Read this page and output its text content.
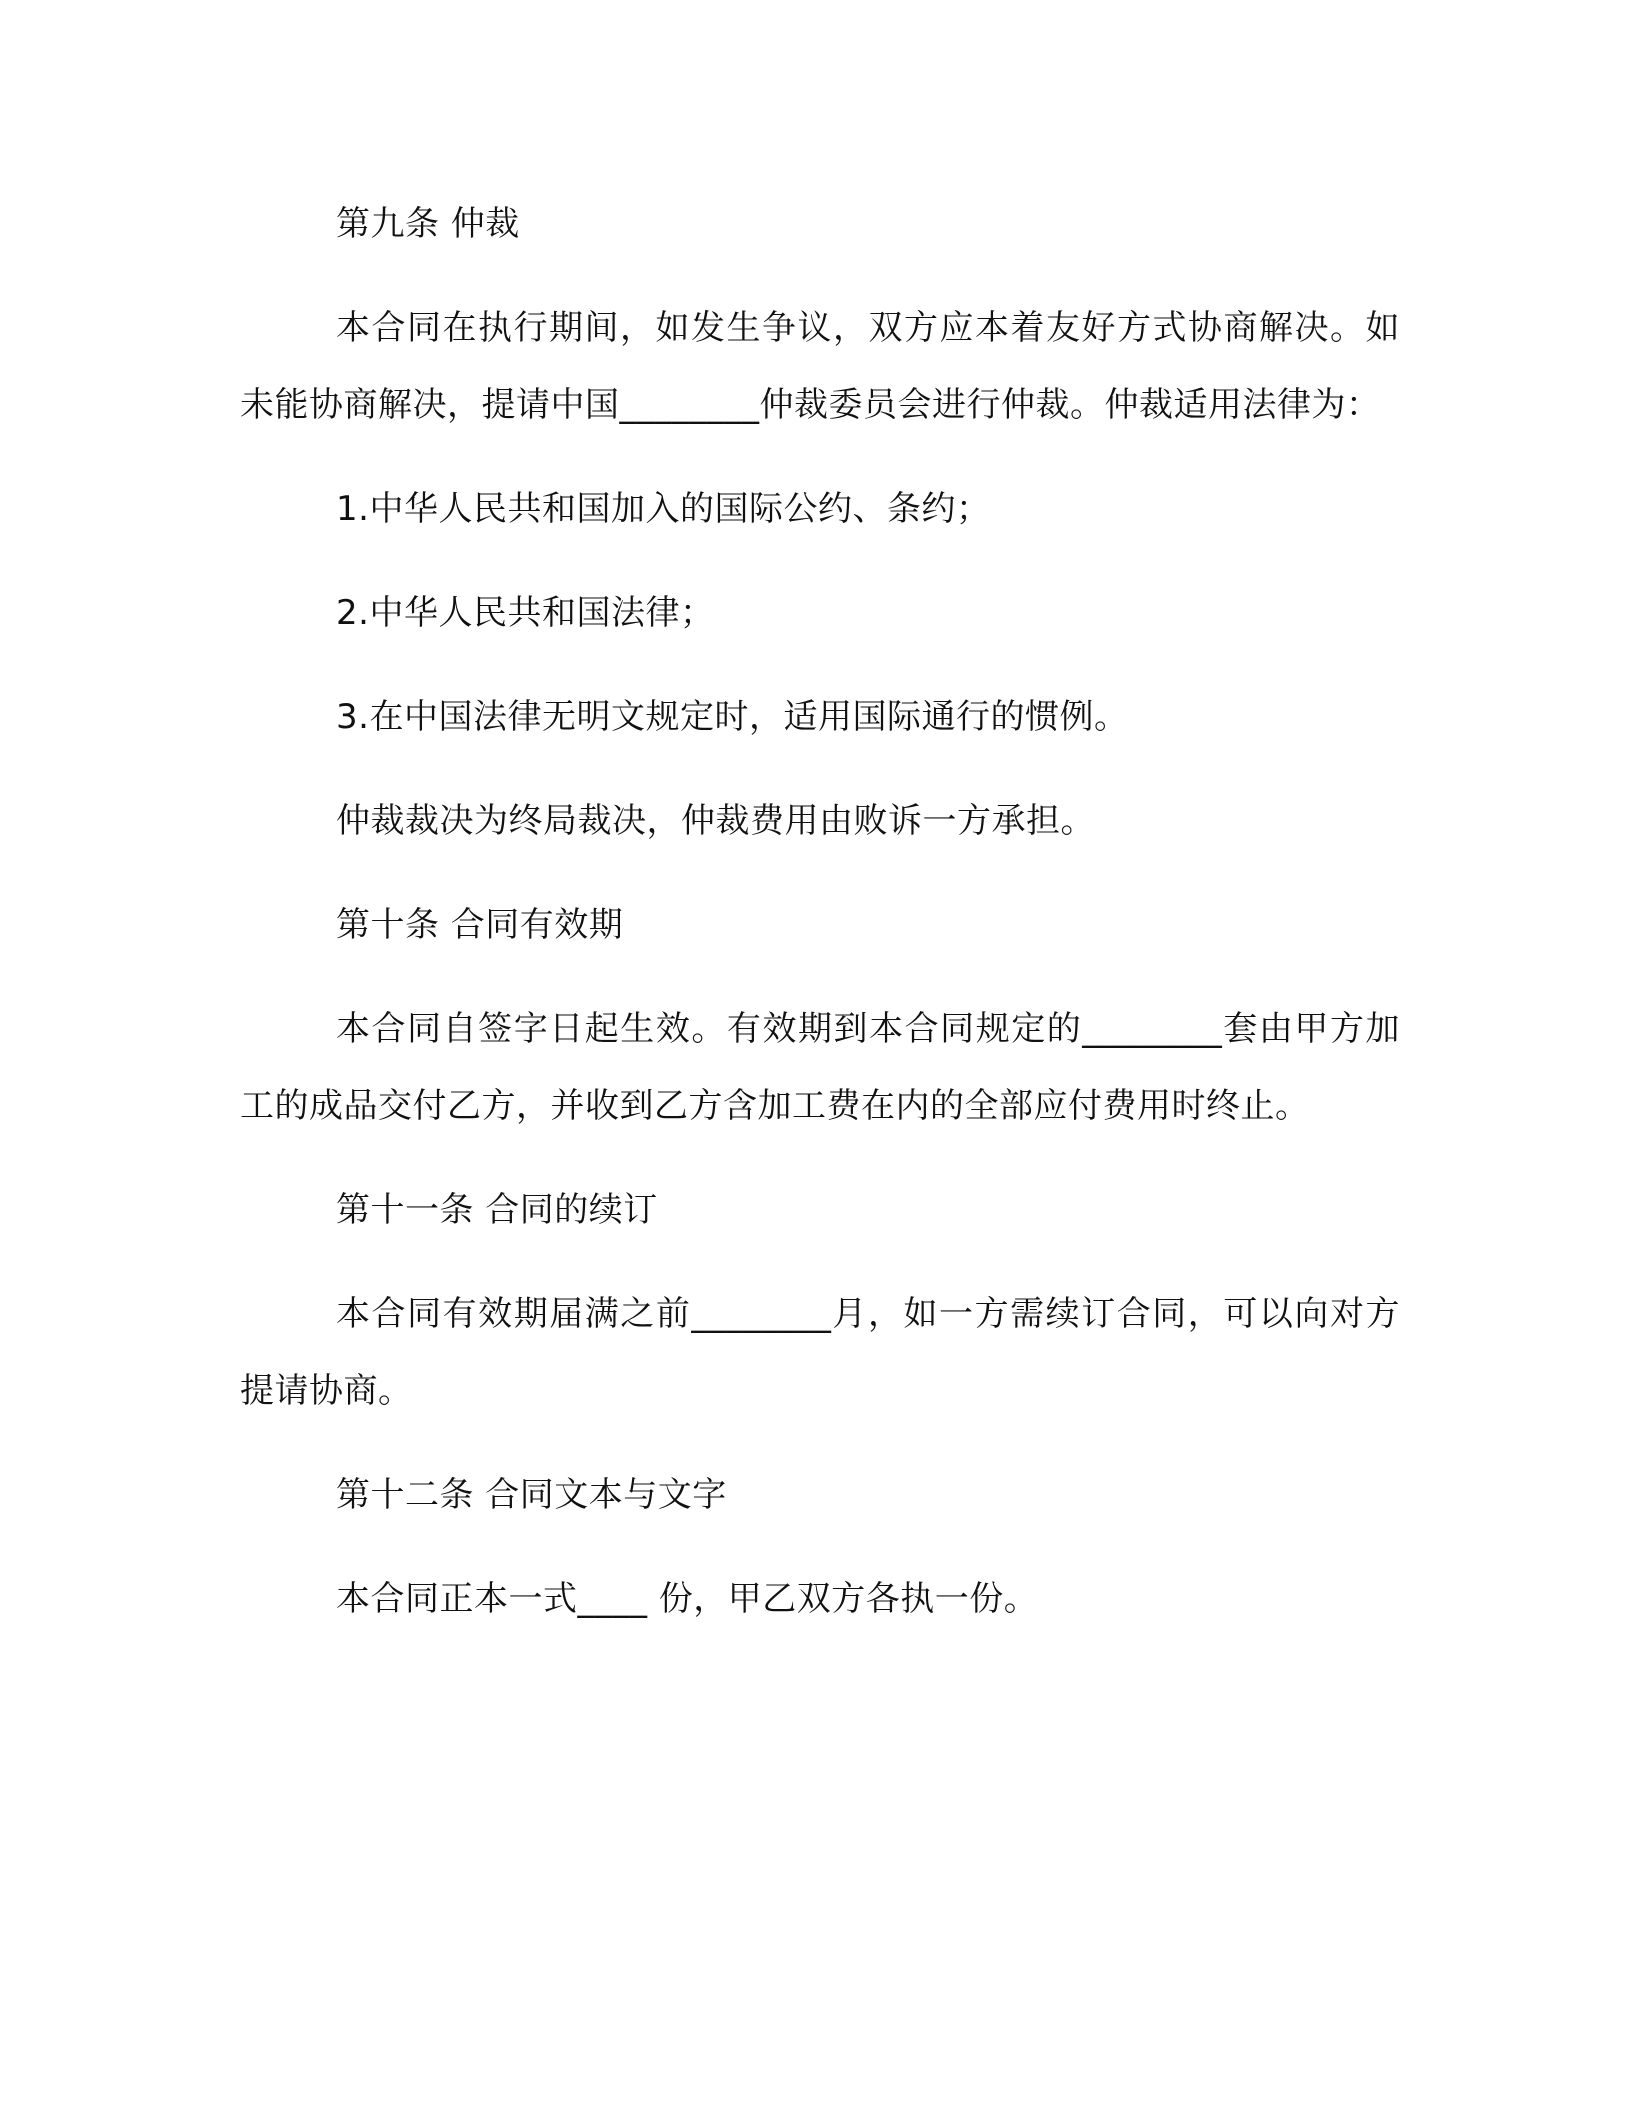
第九条 仲裁

本合同在执行期间，如发生争议，双方应本着友好方式协商解决。如未能协商解决，提请中国________仲裁委员会进行仲裁。仲裁适用法律为：

1.中华人民共和国加入的国际公约、条约；

2.中华人民共和国法律；

3.在中国法律无明文规定时，适用国际通行的惯例。

仲裁裁决为终局裁决，仲裁费用由败诉一方承担。

第十条 合同有效期

本合同自签字日起生效。有效期到本合同规定的________套由甲方加工的成品交付乙方，并收到乙方含加工费在内的全部应付费用时终止。

第十一条 合同的续订

本合同有效期届满之前________月，如一方需续订合同，可以向对方提请协商。

第十二条 合同文本与文字

本合同正本一式____ 份，甲乙双方各执一份。
